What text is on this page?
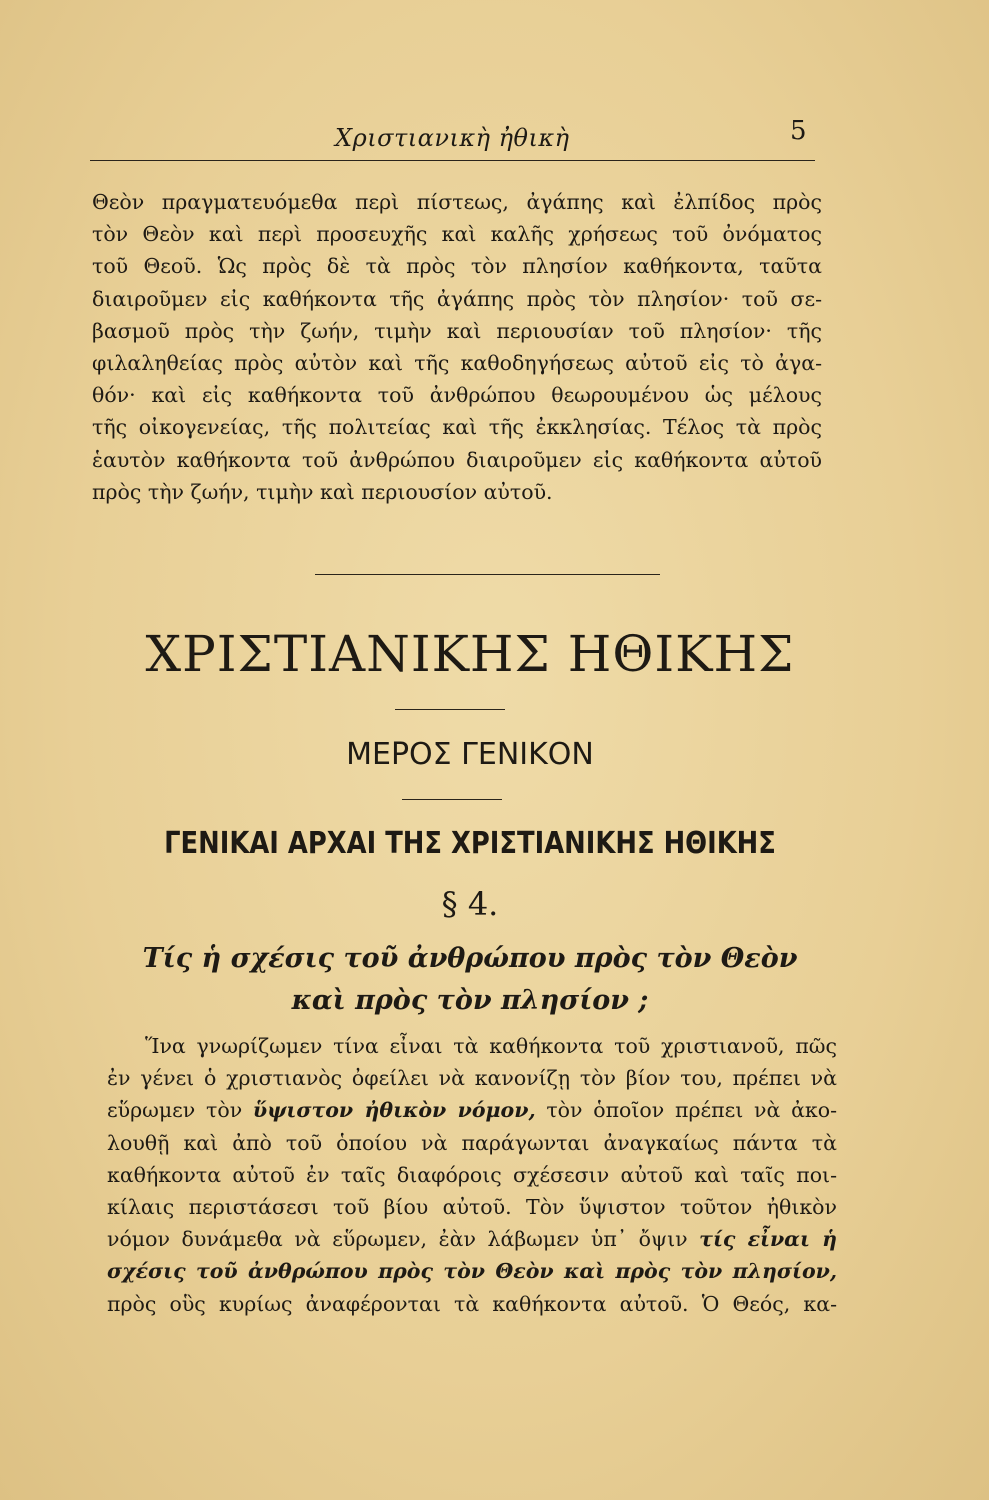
Χριστιανικὴ ἠθικὴ	5
Θεὸν πραγματευόμεθα περὶ πίστεως, ἀγάπης καὶ ἐλπίδος πρὸς
τὸν Θεὸν καὶ περὶ προσευχῆς καὶ καλῆς χρήσεως τοῦ ὀνόματος
τοῦ Θεοῦ. Ὡς πρὸς δὲ τὰ πρὸς τὸν πλησίον καθήκοντα, ταῦτα
διαιροῦμεν εἰς καθήκοντα τῆς ἀγάπης πρὸς τὸν πλησίον· τοῦ σε-
βασμοῦ πρὸς τὴν ζωήν, τιμὴν καὶ περιουσίαν τοῦ πλησίον· τῆς
φιλαληθείας πρὸς αὐτὸν καὶ τῆς καθοδηγήσεως αὐτοῦ εἰς τὸ ἀγα-
θόν· καὶ εἰς καθήκοντα τοῦ ἀνθρώπου θεωρουμένου ὡς μέλους
τῆς οἰκογενείας, τῆς πολιτείας καὶ τῆς ἐκκλησίας. Τέλος τὰ πρὸς
ἑαυτὸν καθήκοντα τοῦ ἀνθρώπου διαιροῦμεν εἰς καθήκοντα αὐτοῦ
πρὸς τὴν ζωήν, τιμὴν καὶ περιουσίον αὐτοῦ.
ΧΡΙΣΤΙΑΝΙΚΗΣ ΗΘΙΚΗΣ
ΜΕΡΟΣ ΓΕΝΙΚΟΝ
ΓΕΝΙΚΑΙ ΑΡΧΑΙ ΤΗΣ ΧΡΙΣΤΙΑΝΙΚΗΣ ΗΘΙΚΗΣ
§ 4.
Τίς ἡ σχέσις τοῦ ἀνθρώπου πρὸς τὸν Θεὸν
καὶ πρὸς τὸν πλησίον ;
Ἵνα γνωρίζωμεν τίνα εἶναι τὰ καθήκοντα τοῦ χριστιανοῦ, πῶς
ἐν γένει ὁ χριστιανὸς ὀφείλει νὰ κανονίζῃ τὸν βίον του, πρέπει νὰ
εὕρωμεν τὸν ὕψιστον ἠθικὸν νόμον, τὸν ὁποῖον πρέπει νὰ ἀκο-
λουθῇ καὶ ἀπὸ τοῦ ὁποίου νὰ παράγωνται ἀναγκαίως πάντα τὰ
καθήκοντα αὐτοῦ ἐν ταῖς διαφόροις σχέσεσιν αὐτοῦ καὶ ταῖς ποι-
κίλαις περιστάσεσι τοῦ βίου αὐτοῦ. Τὸν ὕψιστον τοῦτον ἠθικὸν
νόμον δυνάμεθα νὰ εὕρωμεν, ἐὰν λάβωμεν ὑπ᾿ ὄψιν τίς εἶναι ἡ
σχέσις τοῦ ἀνθρώπου πρὸς τὸν Θεὸν καὶ πρὸς τὸν πλησίον,
πρὸς οὓς κυρίως ἀναφέρονται τὰ καθήκοντα αὐτοῦ. Ὁ Θεός, κα-
